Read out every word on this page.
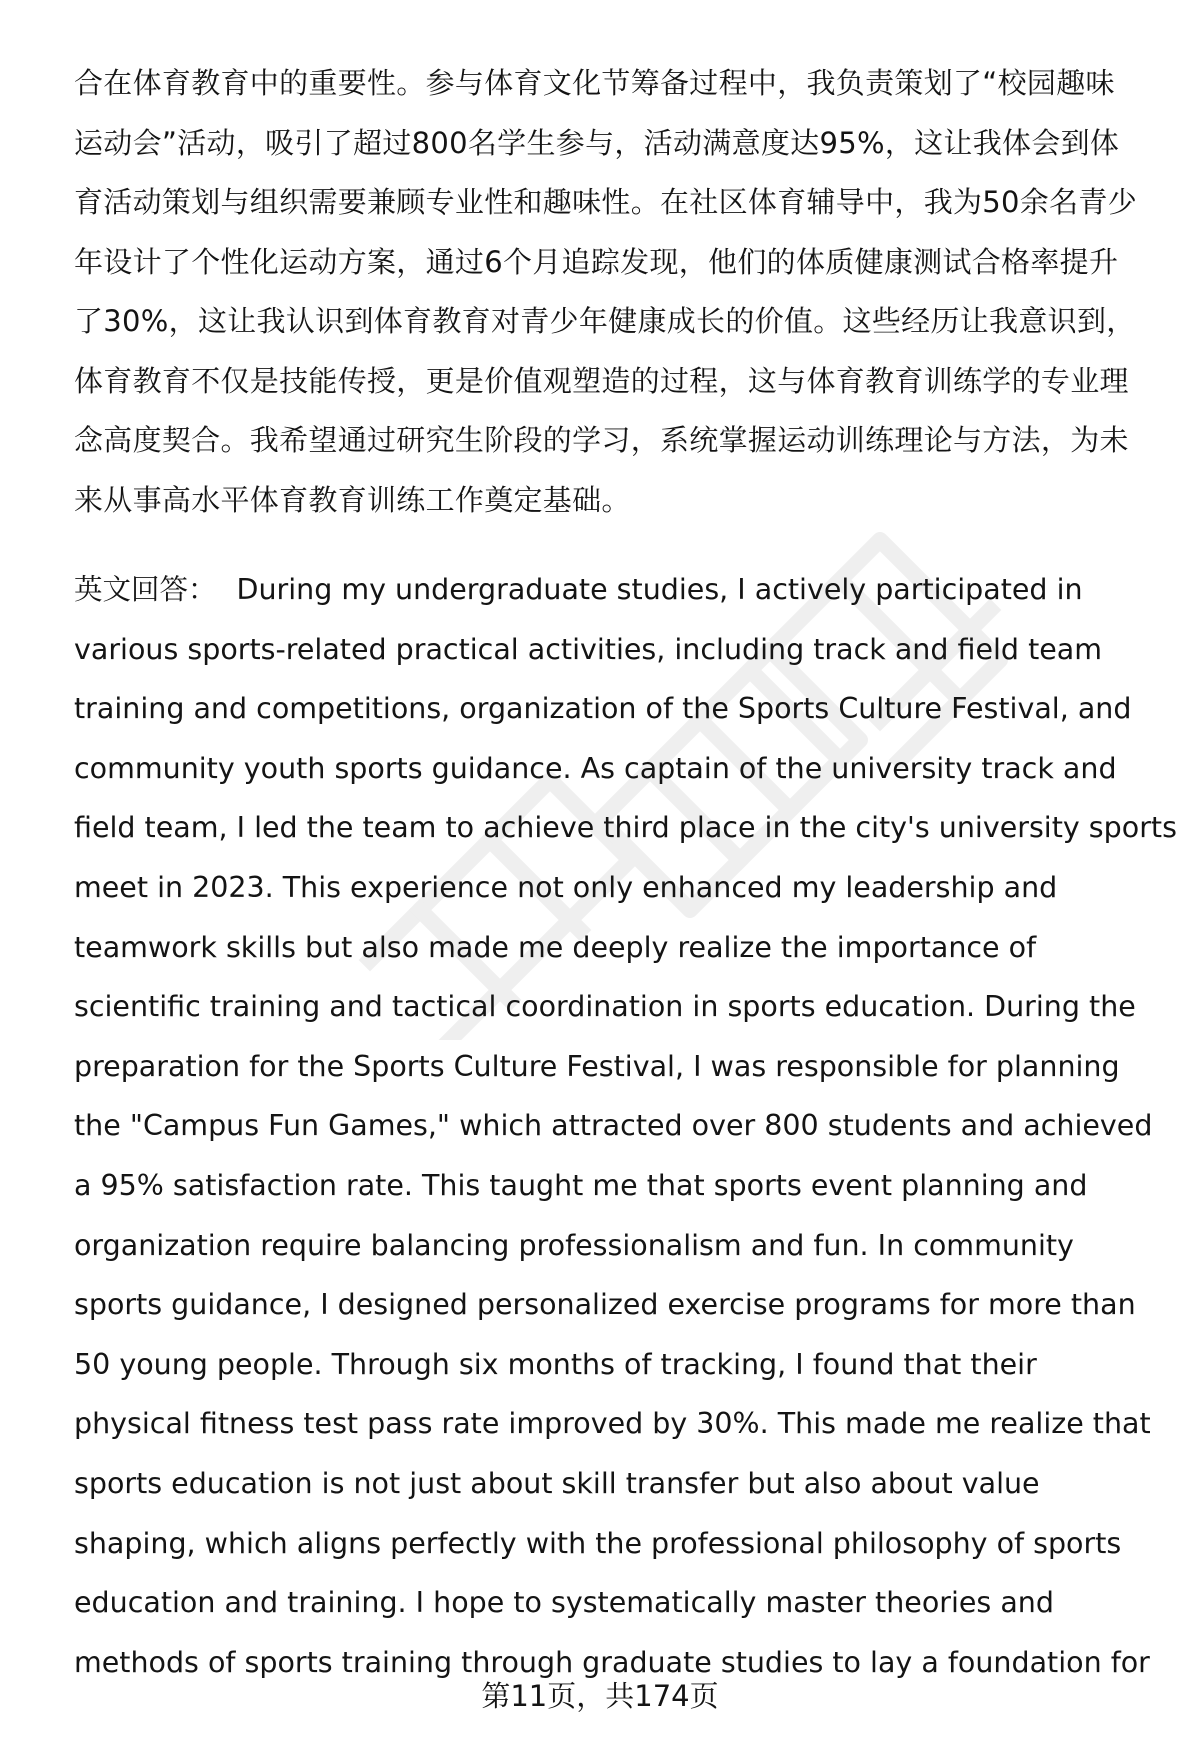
合在体育教育中的重要性。参与体育文化节筹备过程中，我负责策划了“校园趣味
运动会”活动，吸引了超过800名学生参与，活动满意度达95%，这让我体会到体
育活动策划与组织需要兼顾专业性和趣味性。在社区体育辅导中，我为50余名青少
年设计了个性化运动方案，通过6个月追踪发现，他们的体质健康测试合格率提升
了30%，这让我认识到体育教育对青少年健康成长的价值。这些经历让我意识到，
体育教育不仅是技能传授，更是价值观塑造的过程，这与体育教育训练学的专业理
念高度契合。我希望通过研究生阶段的学习，系统掌握运动训练理论与方法，为未
来从事高水平体育教育训练工作奠定基础。
英文回答： During my undergraduate studies, I actively participated in
various sports-related practical activities, including track and field team
training and competitions, organization of the Sports Culture Festival, and
community youth sports guidance. As captain of the university track and
field team, I led the team to achieve third place in the city's university sports
meet in 2023. This experience not only enhanced my leadership and
teamwork skills but also made me deeply realize the importance of
scientific training and tactical coordination in sports education. During the
preparation for the Sports Culture Festival, I was responsible for planning
the "Campus Fun Games," which attracted over 800 students and achieved
a 95% satisfaction rate. This taught me that sports event planning and
organization require balancing professionalism and fun. In community
sports guidance, I designed personalized exercise programs for more than
50 young people. Through six months of tracking, I found that their
physical fitness test pass rate improved by 30%. This made me realize that
sports education is not just about skill transfer but also about value
shaping, which aligns perfectly with the professional philosophy of sports
education and training. I hope to systematically master theories and
methods of sports training through graduate studies to lay a foundation for
第11页，共174页
